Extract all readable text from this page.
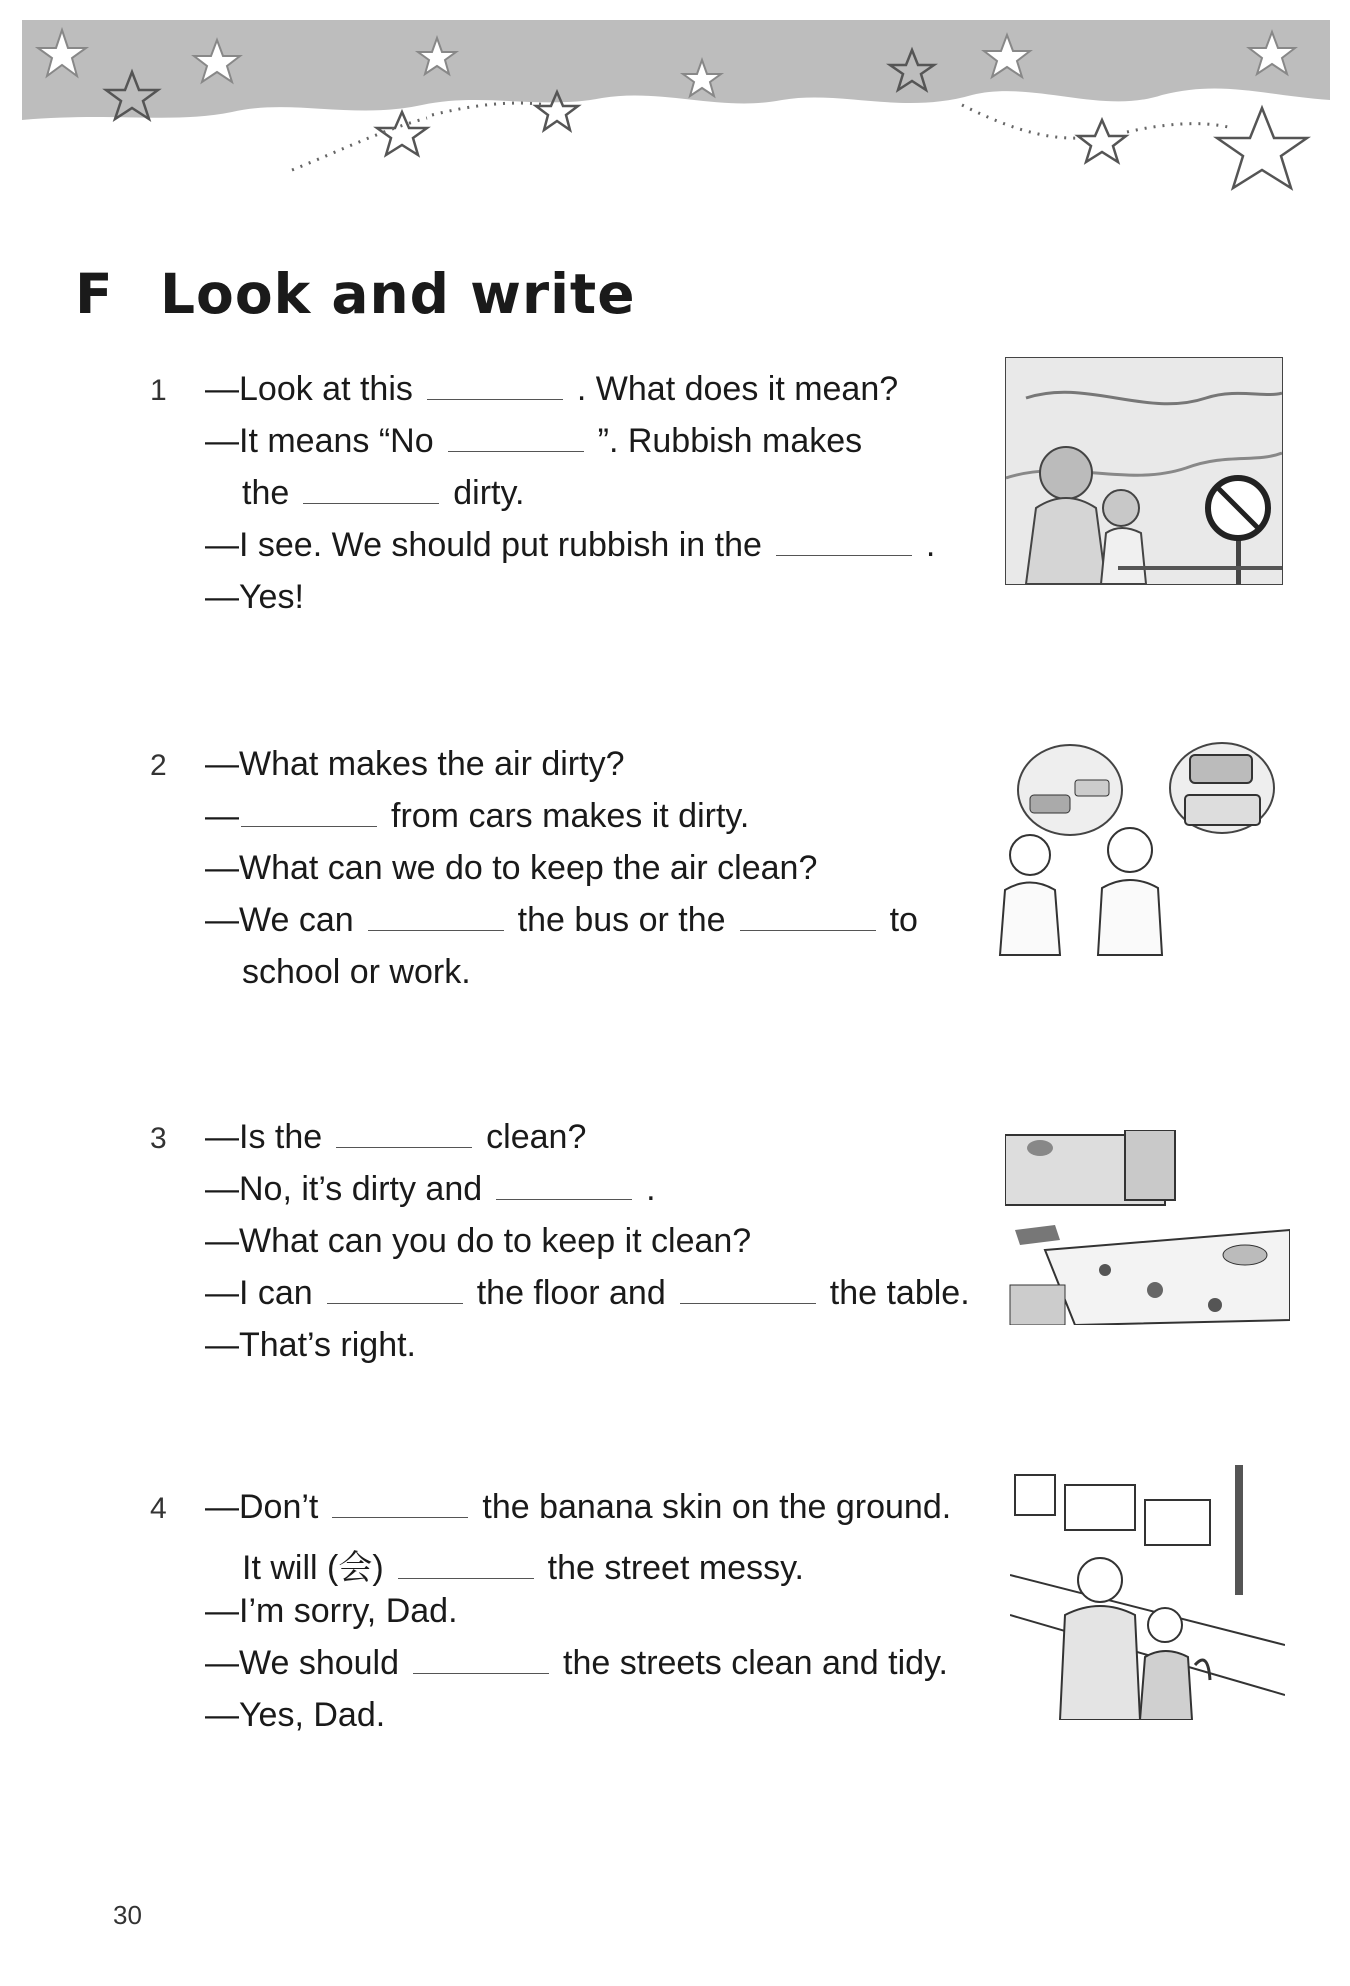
F Look and write
1 —Look at this	. What does it mean?
—It means “No	”. Rubbish makes
the	dirty.
—I see. We should put rubbish in the	.
—Yes!
2 —What makes the air dirty?
—	from cars makes it dirty.
—What can we do to keep the air clean?
—We can	the bus or the	to
school or work.
3 —Is the	clean?
—No, it’s dirty and	.
—What can you do to keep it clean?
—I can	the floor and	the table.
—That’s right.
4 —Don’t	the banana skin on the ground.
It will (会)	the street messy.
—I’m sorry, Dad.
—We should	the streets clean and tidy.
—Yes, Dad.
30
